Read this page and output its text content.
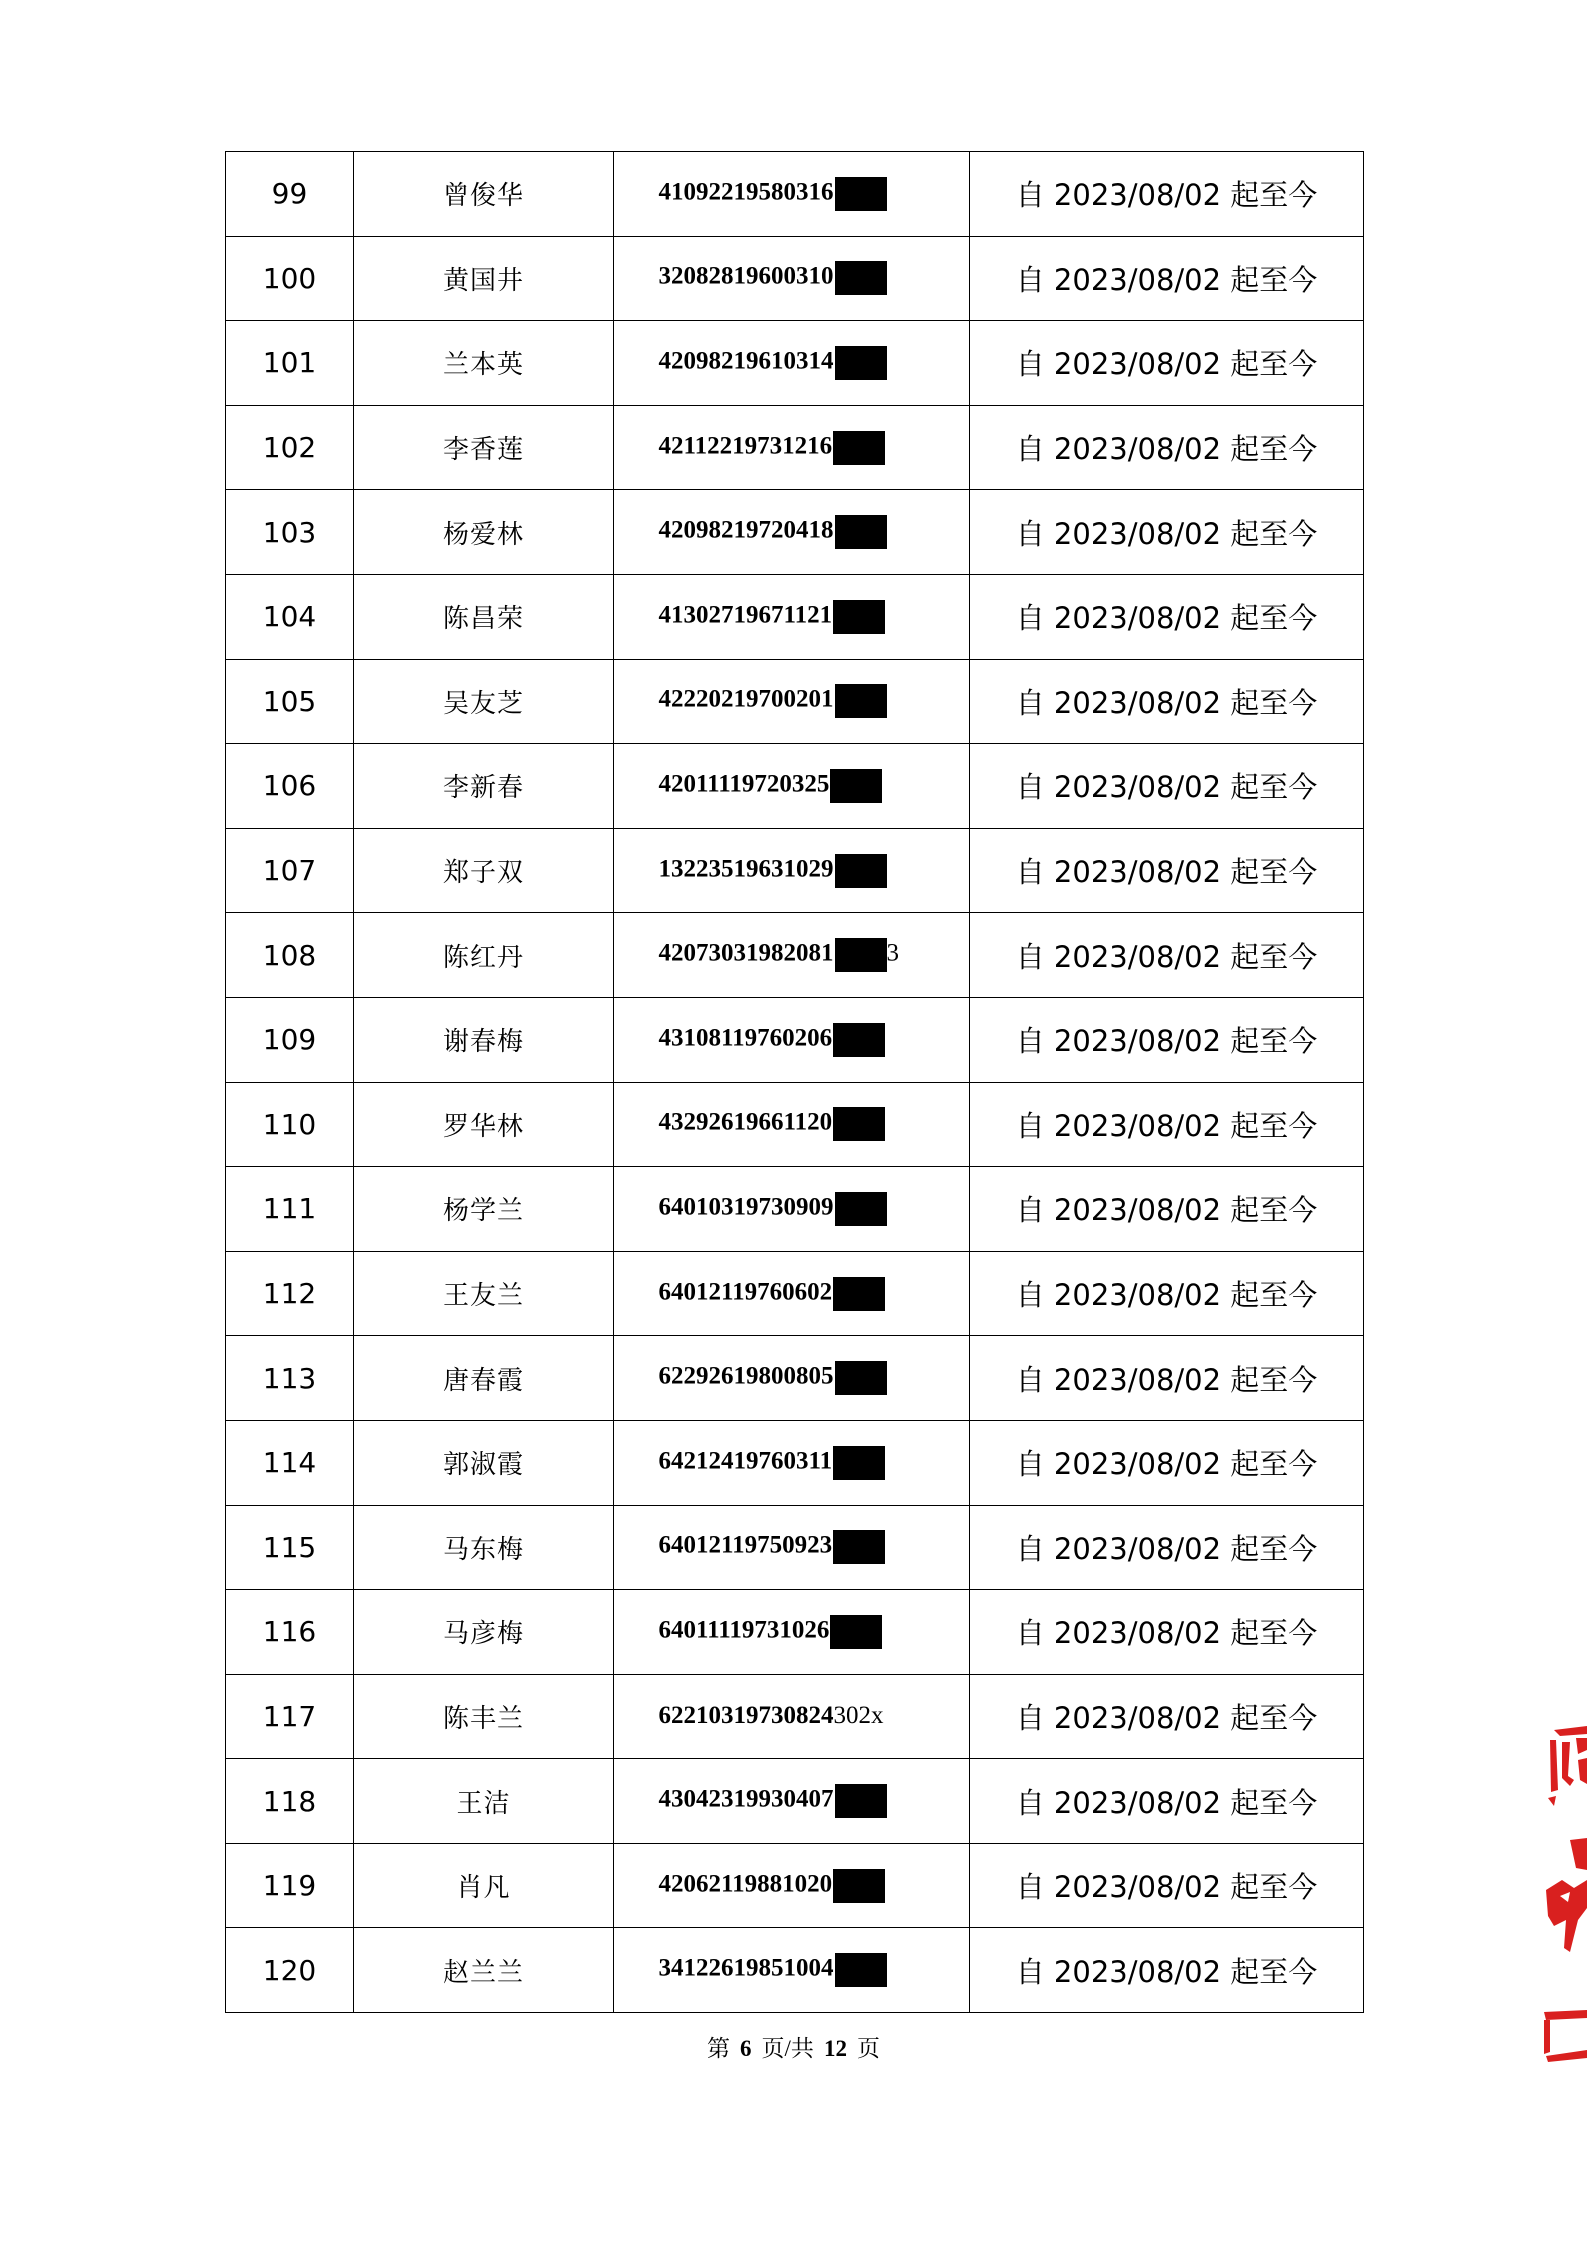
99	曾俊华	41092219580316	自 2023/08/02 起至今
100	黄国井	32082819600310	自 2023/08/02 起至今
101	兰本英	42098219610314	自 2023/08/02 起至今
102	李香莲	42112219731216	自 2023/08/02 起至今
103	杨爱林	42098219720418	自 2023/08/02 起至今
104	陈昌荣	41302719671121	自 2023/08/02 起至今
105	吴友芝	42220219700201	自 2023/08/02 起至今
106	李新春	42011119720325	自 2023/08/02 起至今
107	郑子双	13223519631029	自 2023/08/02 起至今
108	陈红丹	42073031982081 3	自 2023/08/02 起至今
109	谢春梅	43108119760206	自 2023/08/02 起至今
110	罗华林	43292619661120	自 2023/08/02 起至今
111	杨学兰	64010319730909	自 2023/08/02 起至今
112	王友兰	64012119760602	自 2023/08/02 起至今
113	唐春霞	62292619800805	自 2023/08/02 起至今
114	郭淑霞	64212419760311	自 2023/08/02 起至今
115	马东梅	64012119750923	自 2023/08/02 起至今
116	马彦梅	64011119731026	自 2023/08/02 起至今
117	陈丰兰	62210319730824302x	自 2023/08/02 起至今
118	王洁	43042319930407	自 2023/08/02 起至今
119	肖凡	42062119881020	自 2023/08/02 起至今
120	赵兰兰	34122619851004	自 2023/08/02 起至今
第 6 页/共 12 页
